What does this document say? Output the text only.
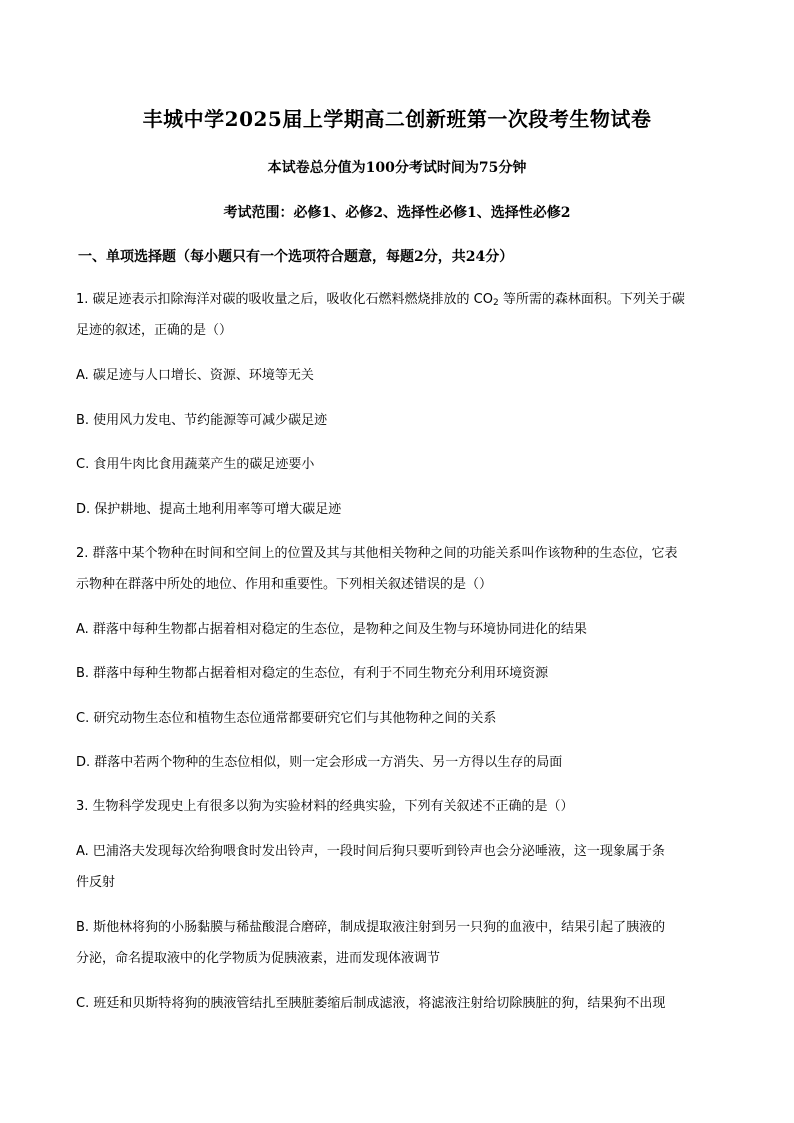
丰城中学2025届上学期高二创新班第一次段考生物试卷
本试卷总分值为100分考试时间为75分钟
考试范围：必修1、必修2、选择性必修1、选择性必修2
一、单项选择题（每小题只有一个选项符合题意，每题2分，共24分）
1. 碳足迹表示扣除海洋对碳的吸收量之后，吸收化石燃料燃烧排放的 $CO_2$ 等所需的森林面积。下列关于碳
足迹的叙述，正确的是（）
A. 碳足迹与人口增长、资源、环境等无关
B. 使用风力发电、节约能源等可减少碳足迹
C. 食用牛肉比食用蔬菜产生的碳足迹要小
D. 保护耕地、提高土地利用率等可增大碳足迹
2. 群落中某个物种在时间和空间上的位置及其与其他相关物种之间的功能关系叫作该物种的生态位，它表
示物种在群落中所处的地位、作用和重要性。下列相关叙述错误的是（）
A. 群落中每种生物都占据着相对稳定的生态位，是物种之间及生物与环境协同进化的结果
B. 群落中每种生物都占据着相对稳定的生态位，有利于不同生物充分利用环境资源
C. 研究动物生态位和植物生态位通常都要研究它们与其他物种之间的关系
D. 群落中若两个物种的生态位相似，则一定会形成一方消失、另一方得以生存的局面
3. 生物科学发现史上有很多以狗为实验材料的经典实验，下列有关叙述不正确的是（）
A. 巴浦洛夫发现每次给狗喂食时发出铃声，一段时间后狗只要听到铃声也会分泌唾液，这一现象属于条
件反射
B. 斯他林将狗的小肠黏膜与稀盐酸混合磨碎，制成提取液注射到另一只狗的血液中，结果引起了胰液的
分泌，命名提取液中的化学物质为促胰液素，进而发现体液调节
C. 班廷和贝斯特将狗的胰液管结扎至胰脏萎缩后制成滤液，将滤液注射给切除胰脏的狗，结果狗不出现
